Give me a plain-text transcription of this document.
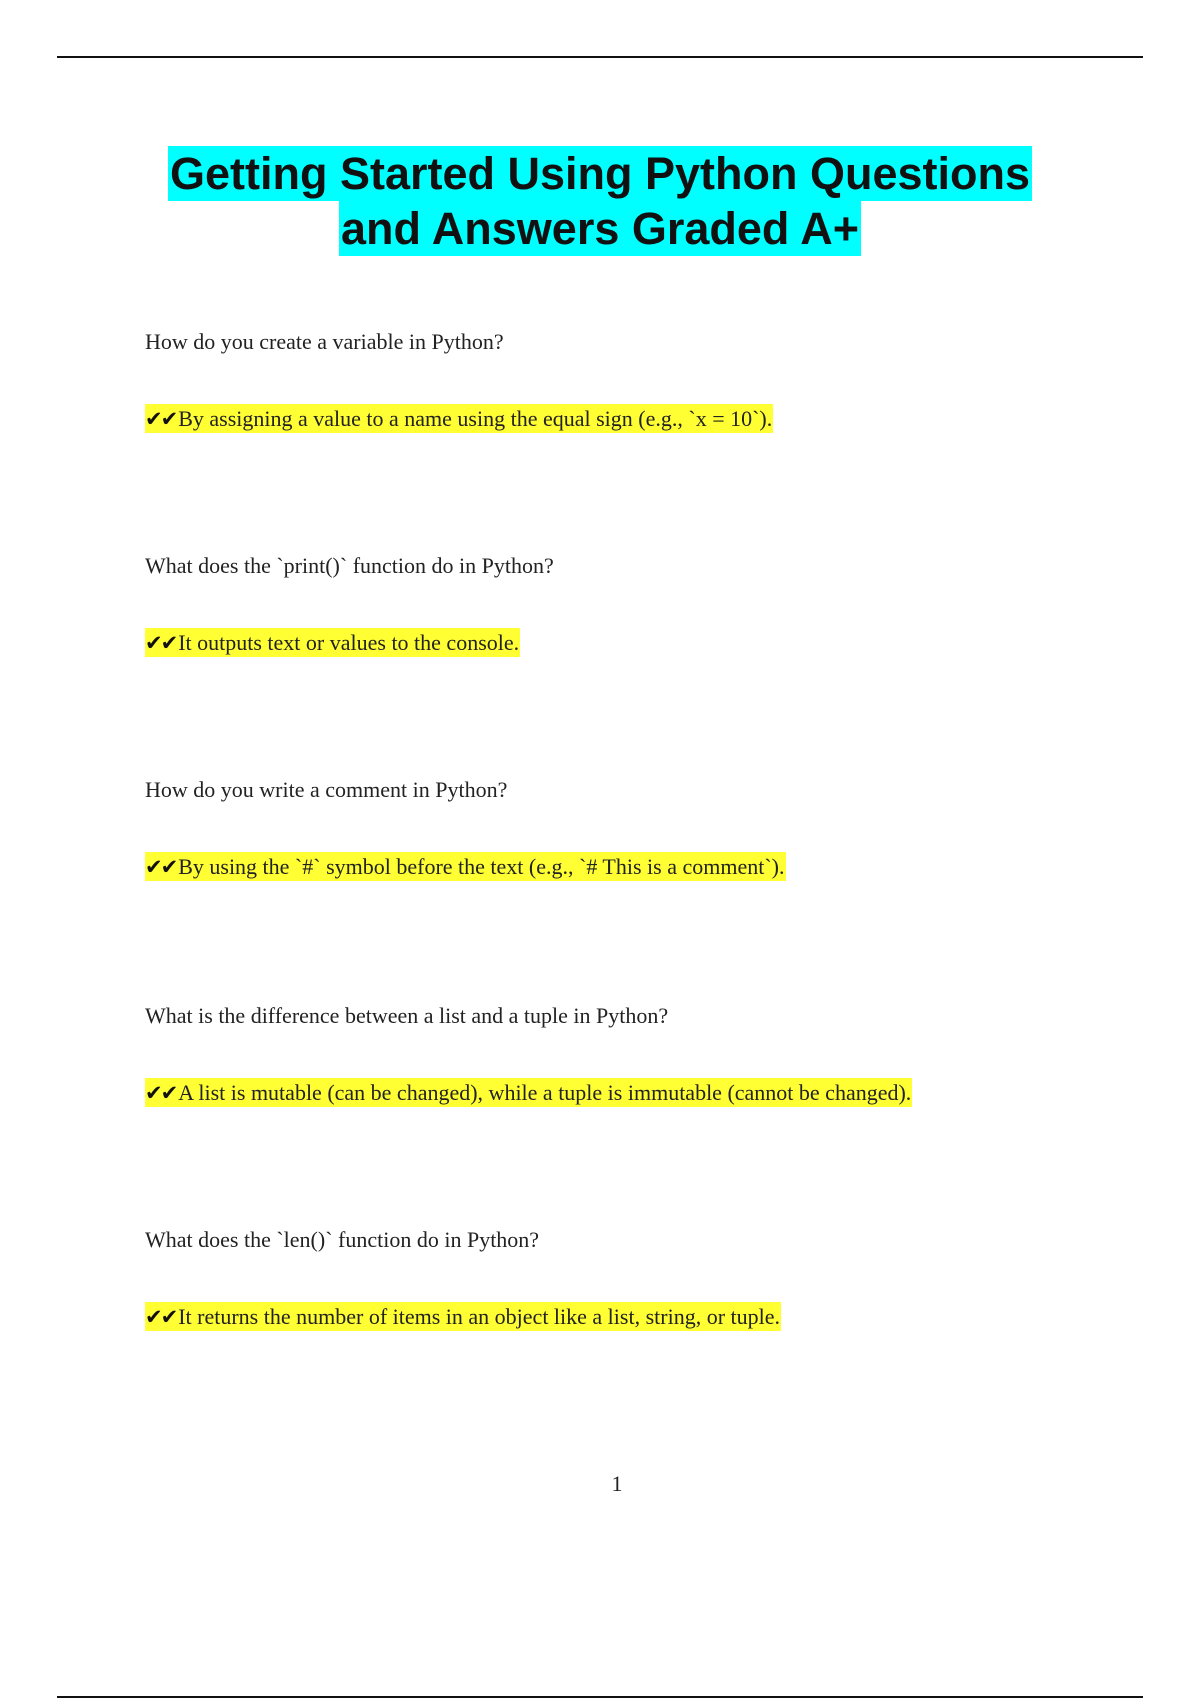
Getting Started Using Python Questions
and Answers Graded A+

How do you create a variable in Python?

✔✔By assigning a value to a name using the equal sign (e.g., `x = 10`).

What does the `print()` function do in Python?

✔✔It outputs text or values to the console.

How do you write a comment in Python?

✔✔By using the `#` symbol before the text (e.g., `# This is a comment`).

What is the difference between a list and a tuple in Python?

✔✔A list is mutable (can be changed), while a tuple is immutable (cannot be changed).

What does the `len()` function do in Python?

✔✔It returns the number of items in an object like a list, string, or tuple.

1
